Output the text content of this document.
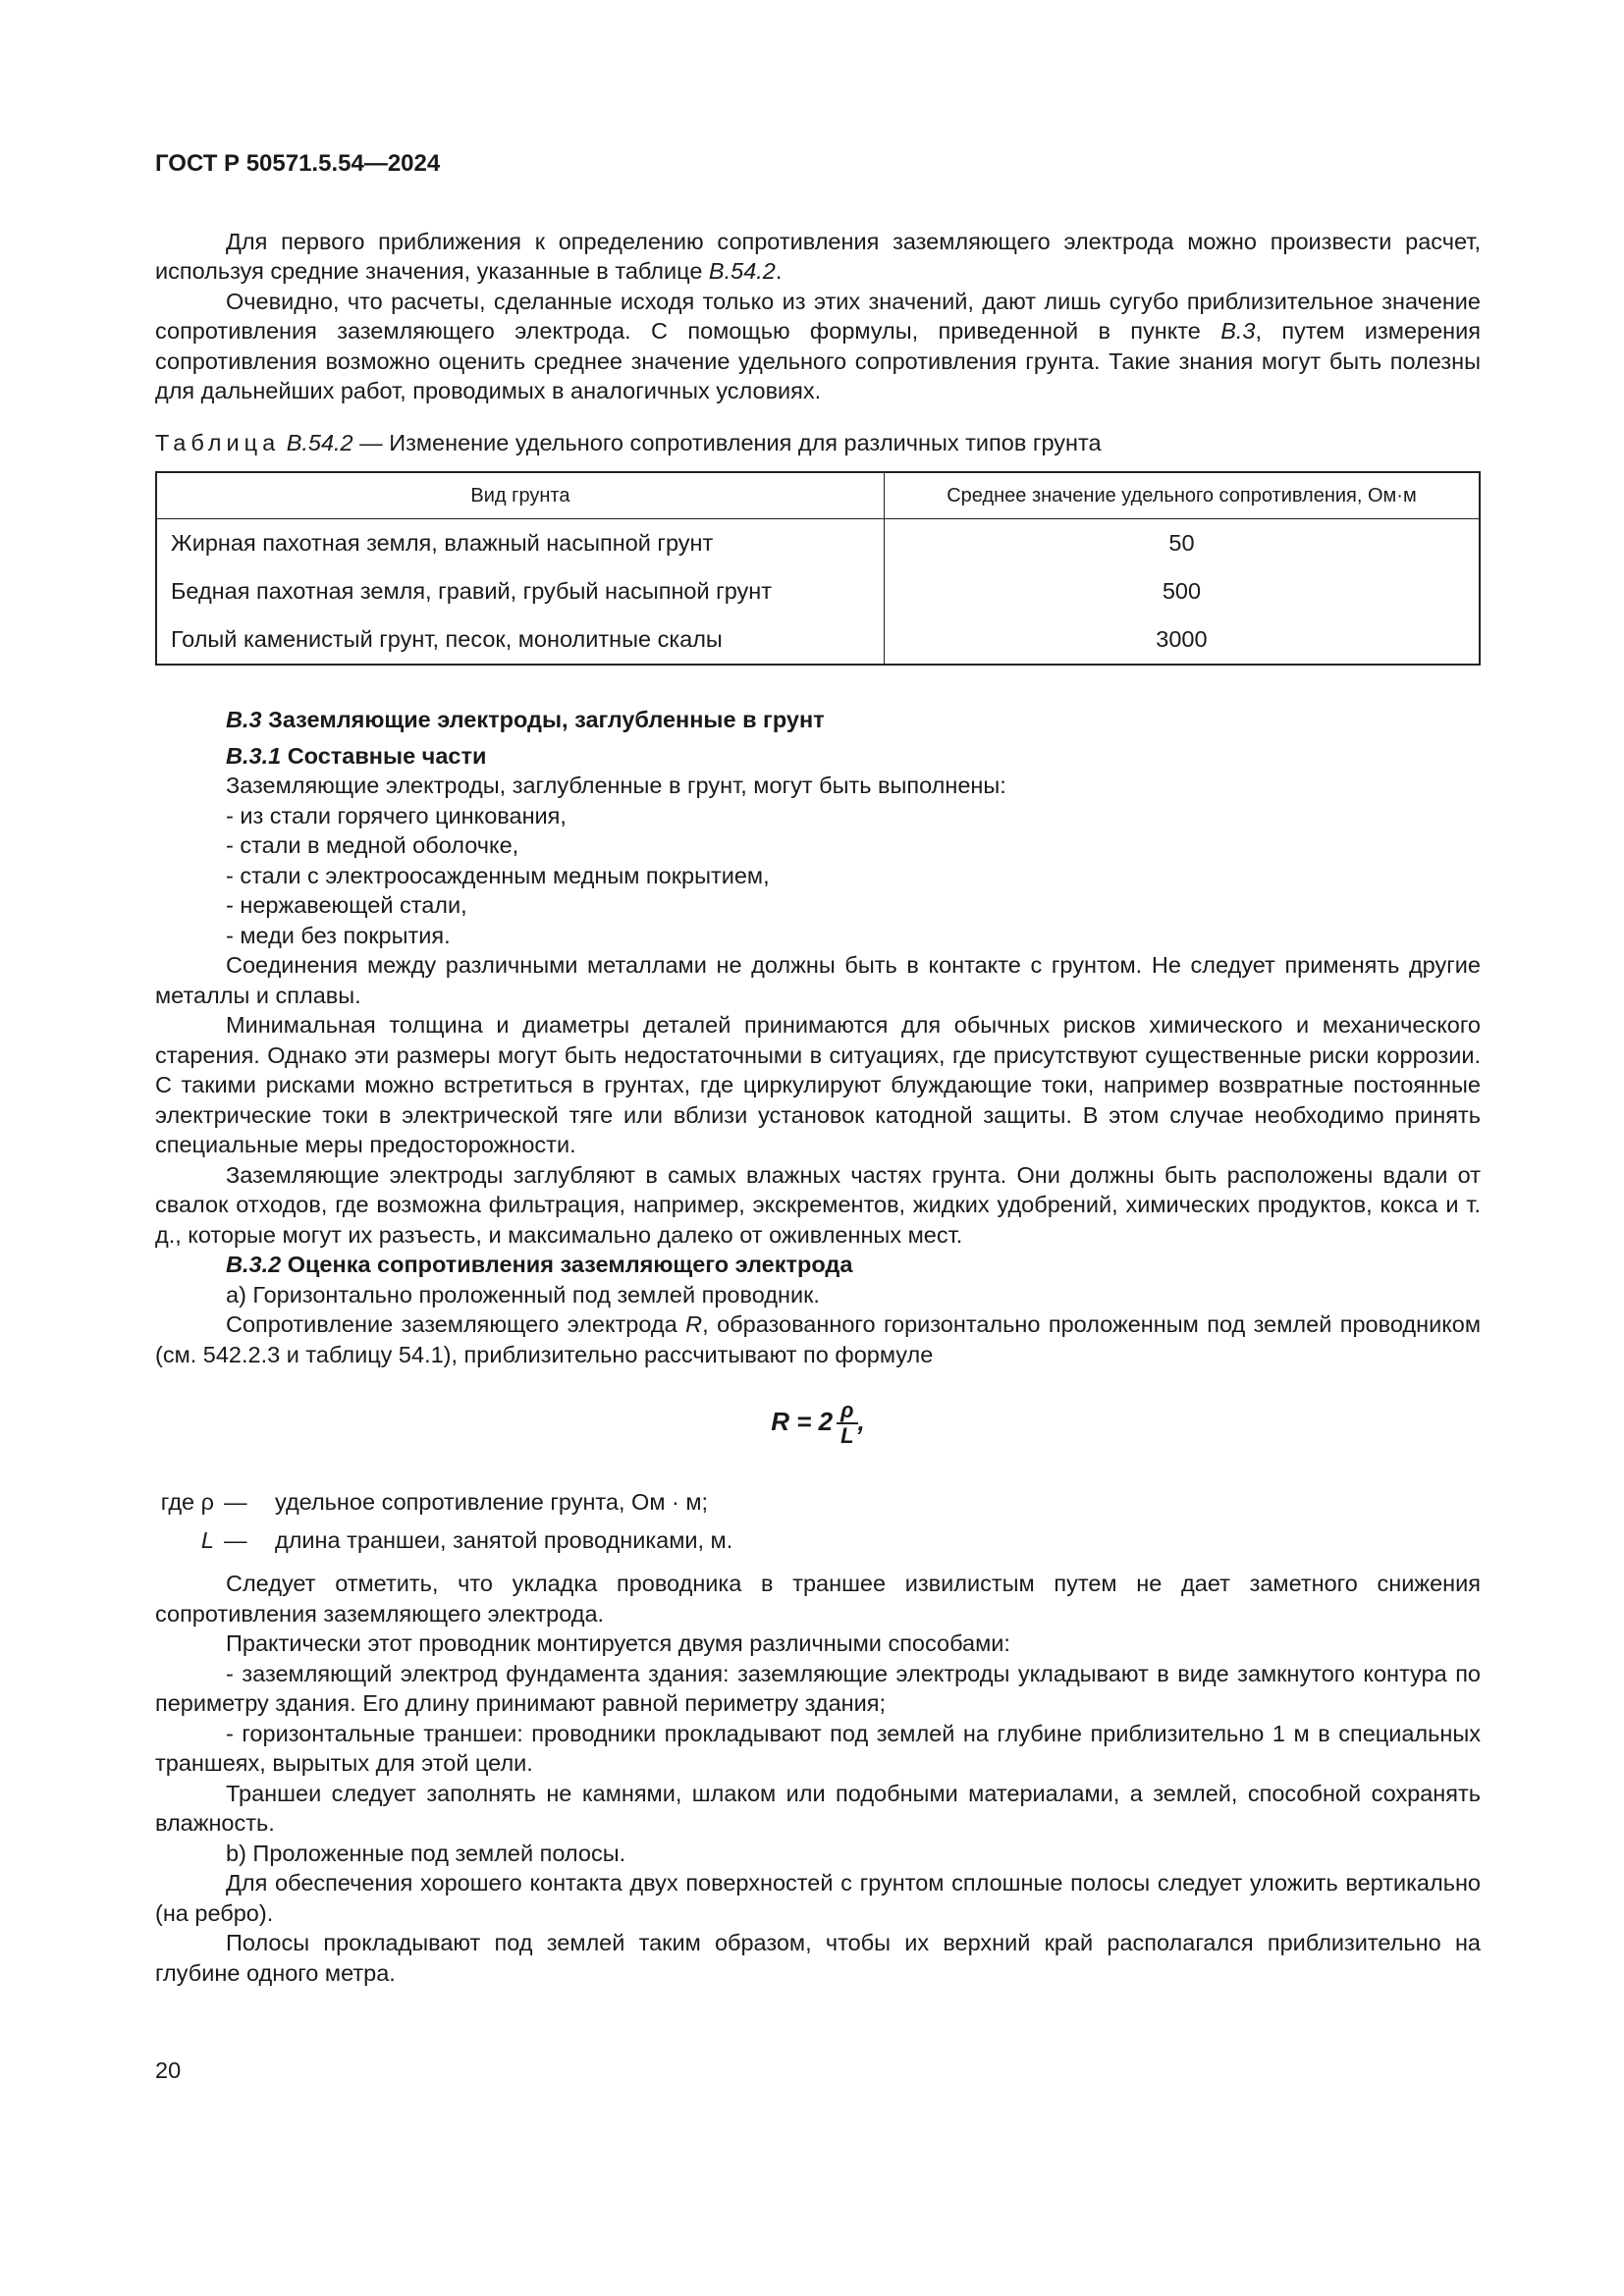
ГОСТ Р 50571.5.54—2024

Для первого приближения к определению сопротивления заземляющего электрода можно произвести расчет, используя средние значения, указанные в таблице B.54.2.

Очевидно, что расчеты, сделанные исходя только из этих значений, дают лишь сугубо приблизительное значение сопротивления заземляющего электрода. С помощью формулы, приведенной в пункте B.3, путем измерения сопротивления возможно оценить среднее значение удельного сопротивления грунта. Такие знания могут быть полезны для дальнейших работ, проводимых в аналогичных условиях.

Таблица B.54.2 — Изменение удельного сопротивления для различных типов грунта

Вид грунта	Среднее значение удельного сопротивления, Ом·м
Жирная пахотная земля, влажный насыпной грунт	50
Бедная пахотная земля, гравий, грубый насыпной грунт	500
Голый каменистый грунт, песок, монолитные скалы	3000
B.3 Заземляющие электроды, заглубленные в грунт
B.3.1 Составные части

Заземляющие электроды, заглубленные в грунт, могут быть выполнены:

- из стали горячего цинкования,

- стали в медной оболочке,

- стали с электроосажденным медным покрытием,

- нержавеющей стали,

- меди без покрытия.

Соединения между различными металлами не должны быть в контакте с грунтом. Не следует применять другие металлы и сплавы.

Минимальная толщина и диаметры деталей принимаются для обычных рисков химического и механического старения. Однако эти размеры могут быть недостаточными в ситуациях, где присутствуют существенные риски коррозии. С такими рисками можно встретиться в грунтах, где циркулируют блуждающие токи, например возвратные постоянные электрические токи в электрической тяге или вблизи установок катодной защиты. В этом случае необходимо принять специальные меры предосторожности.

Заземляющие электроды заглубляют в самых влажных частях грунта. Они должны быть расположены вдали от свалок отходов, где возможна фильтрация, например, экскрементов, жидких удобрений, химических продуктов, кокса и т. д., которые могут их разъесть, и максимально далеко от оживленных мест.

B.3.2 Оценка сопротивления заземляющего электрода

a) Горизонтально проложенный под землей проводник.

Сопротивление заземляющего электрода R, образованного горизонтально проложенным под землей проводником (см. 542.2.3 и таблицу 54.1), приблизительно рассчитывают по формуле

$R = 2 \frac{\rho}{L}$ ,
где ρ —	удельное сопротивление грунта, Ом · м;
L —	длина траншеи, занятой проводниками, м.

Следует отметить, что укладка проводника в траншее извилистым путем не дает заметного снижения сопротивления заземляющего электрода.

Практически этот проводник монтируется двумя различными способами:

- заземляющий электрод фундамента здания: заземляющие электроды укладывают в виде замкнутого контура по периметру здания. Его длину принимают равной периметру здания;

- горизонтальные траншеи: проводники прокладывают под землей на глубине приблизительно 1 м в специальных траншеях, вырытых для этой цели.

Траншеи следует заполнять не камнями, шлаком или подобными материалами, а землей, способной сохранять влажность.

b) Проложенные под землей полосы.

Для обеспечения хорошего контакта двух поверхностей с грунтом сплошные полосы следует уложить вертикально (на ребро).

Полосы прокладывают под землей таким образом, чтобы их верхний край располагался приблизительно на глубине одного метра.

20
